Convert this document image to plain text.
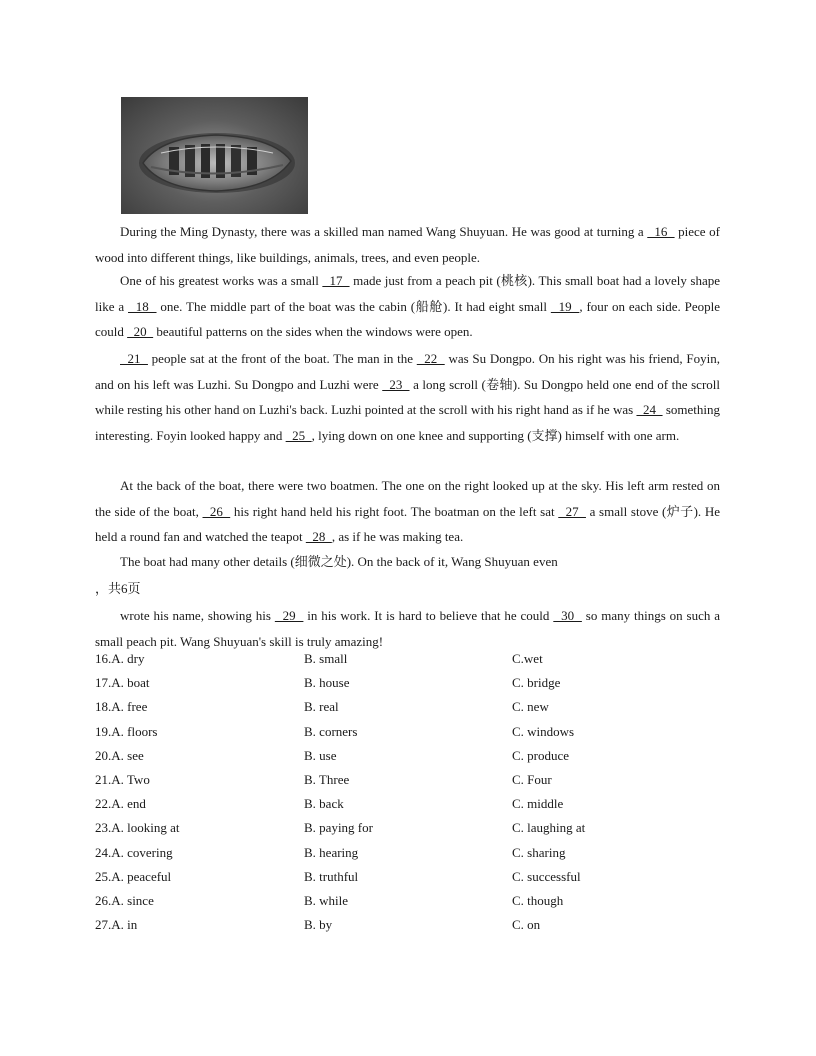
During the Ming Dynasty, there was a skilled man named Wang Shuyuan. He was good at turning a   16   piece of wood into different things, like buildings, animals, trees, and even people.
One of his greatest works was a small   17   made just from a peach pit (桃核). This small boat had a lovely shape like a   18   one. The middle part of the boat was the cabin (船舱). It had eight small   19  , four on each side. People could   20   beautiful patterns on the sides when the windows were open.
21   people sat at the front of the boat. The man in the   22   was Su Dongpo. On his right was his friend, Foyin, and on his left was Luzhi. Su Dongpo and Luzhi were   23   a long scroll (卷轴). Su Dongpo held one end of the scroll while resting his other hand on Luzhi's back. Luzhi pointed at the scroll with his right hand as if he was   24   something interesting. Foyin looked happy and   25  , lying down on one knee and supporting (支撑) himself with one arm.
At the back of the boat, there were two boatmen. The one on the right looked up at the sky. His left arm rested on the side of the boat,   26   his right hand held his right foot. The boatman on the left sat   27   a small stove (炉子). He held a round fan and watched the teapot   28  , as if he was making tea.
The boat had many other details (细微之处). On the back of it, Wang Shuyuan even
，共6页
wrote his name, showing his   29   in his work. It is hard to believe that he could   30   so many things on such a small peach pit. Wang Shuyuan's skill is truly amazing!
16.A. dry	B. small	C.wet
17.A. boat	B. house	C. bridge
18.A. free	B. real	C. new
19.A. floors	B. corners	C. windows
20.A. see	B. use	C. produce
21.A. Two	B. Three	C. Four
22.A. end	B. back	C. middle
23.A. looking at	B. paying for	C. laughing at
24.A. covering	B. hearing	C. sharing
25.A. peaceful	B. truthful	C. successful
26.A. since	B. while	C. though
27.A. in	B. by	C. on
